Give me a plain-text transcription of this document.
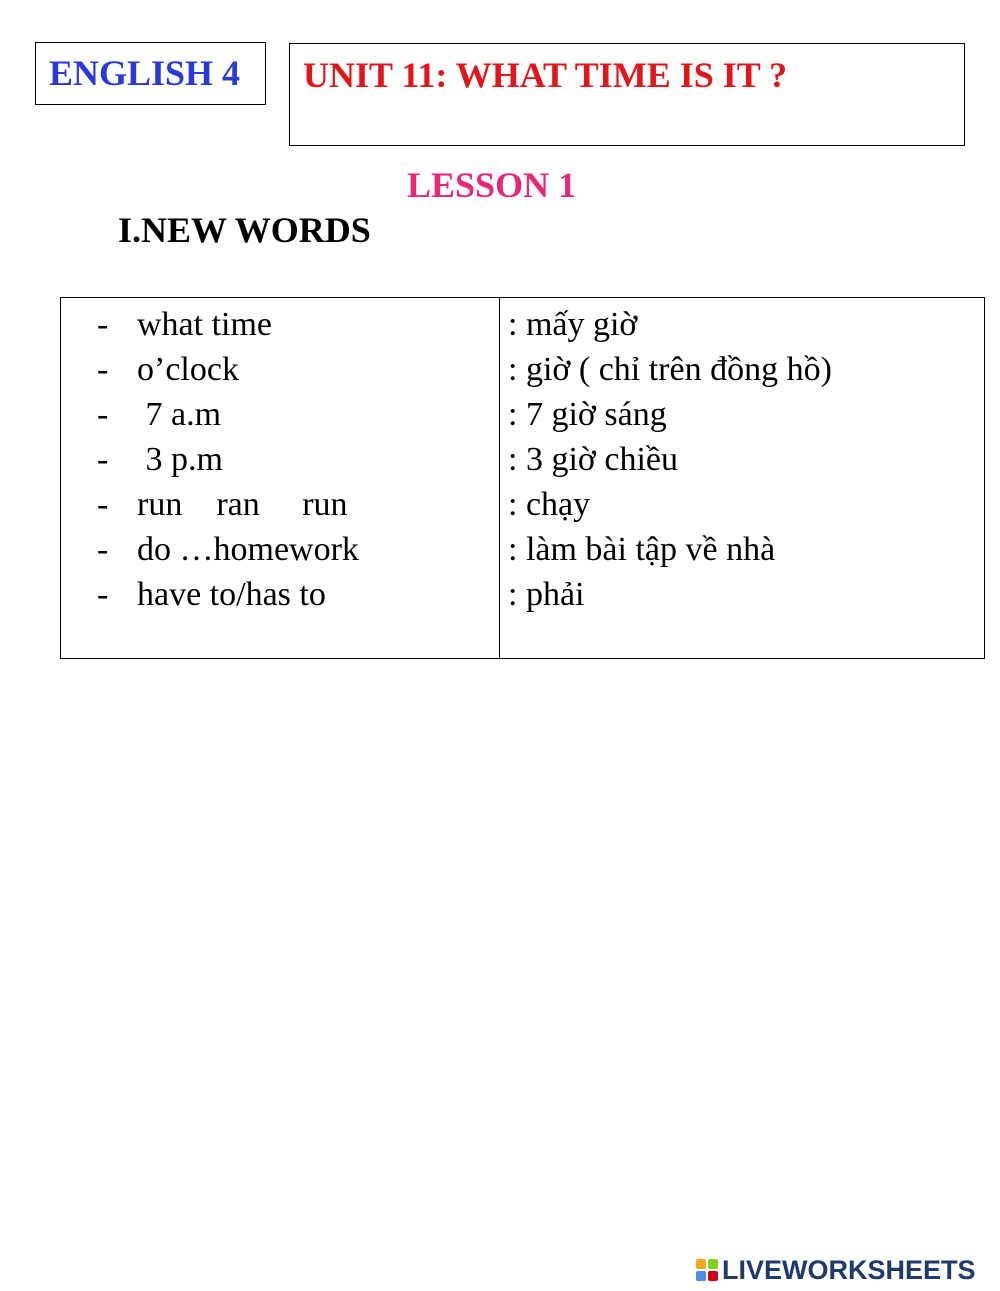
ENGLISH 4 UNIT 11: WHAT TIME IS IT ?
LESSON 1
I.NEW WORDS
- what time	: mấy giờ
- o’clock	: giờ ( chỉ trên đồng hồ)
- 7 a.m	: 7 giờ sáng
- 3 p.m	: 3 giờ chiều
- run    ran     run	: chạy
- do …homework	: làm bài tập về nhà
- have to/has to	: phải
LIVEWORKSHEETS
